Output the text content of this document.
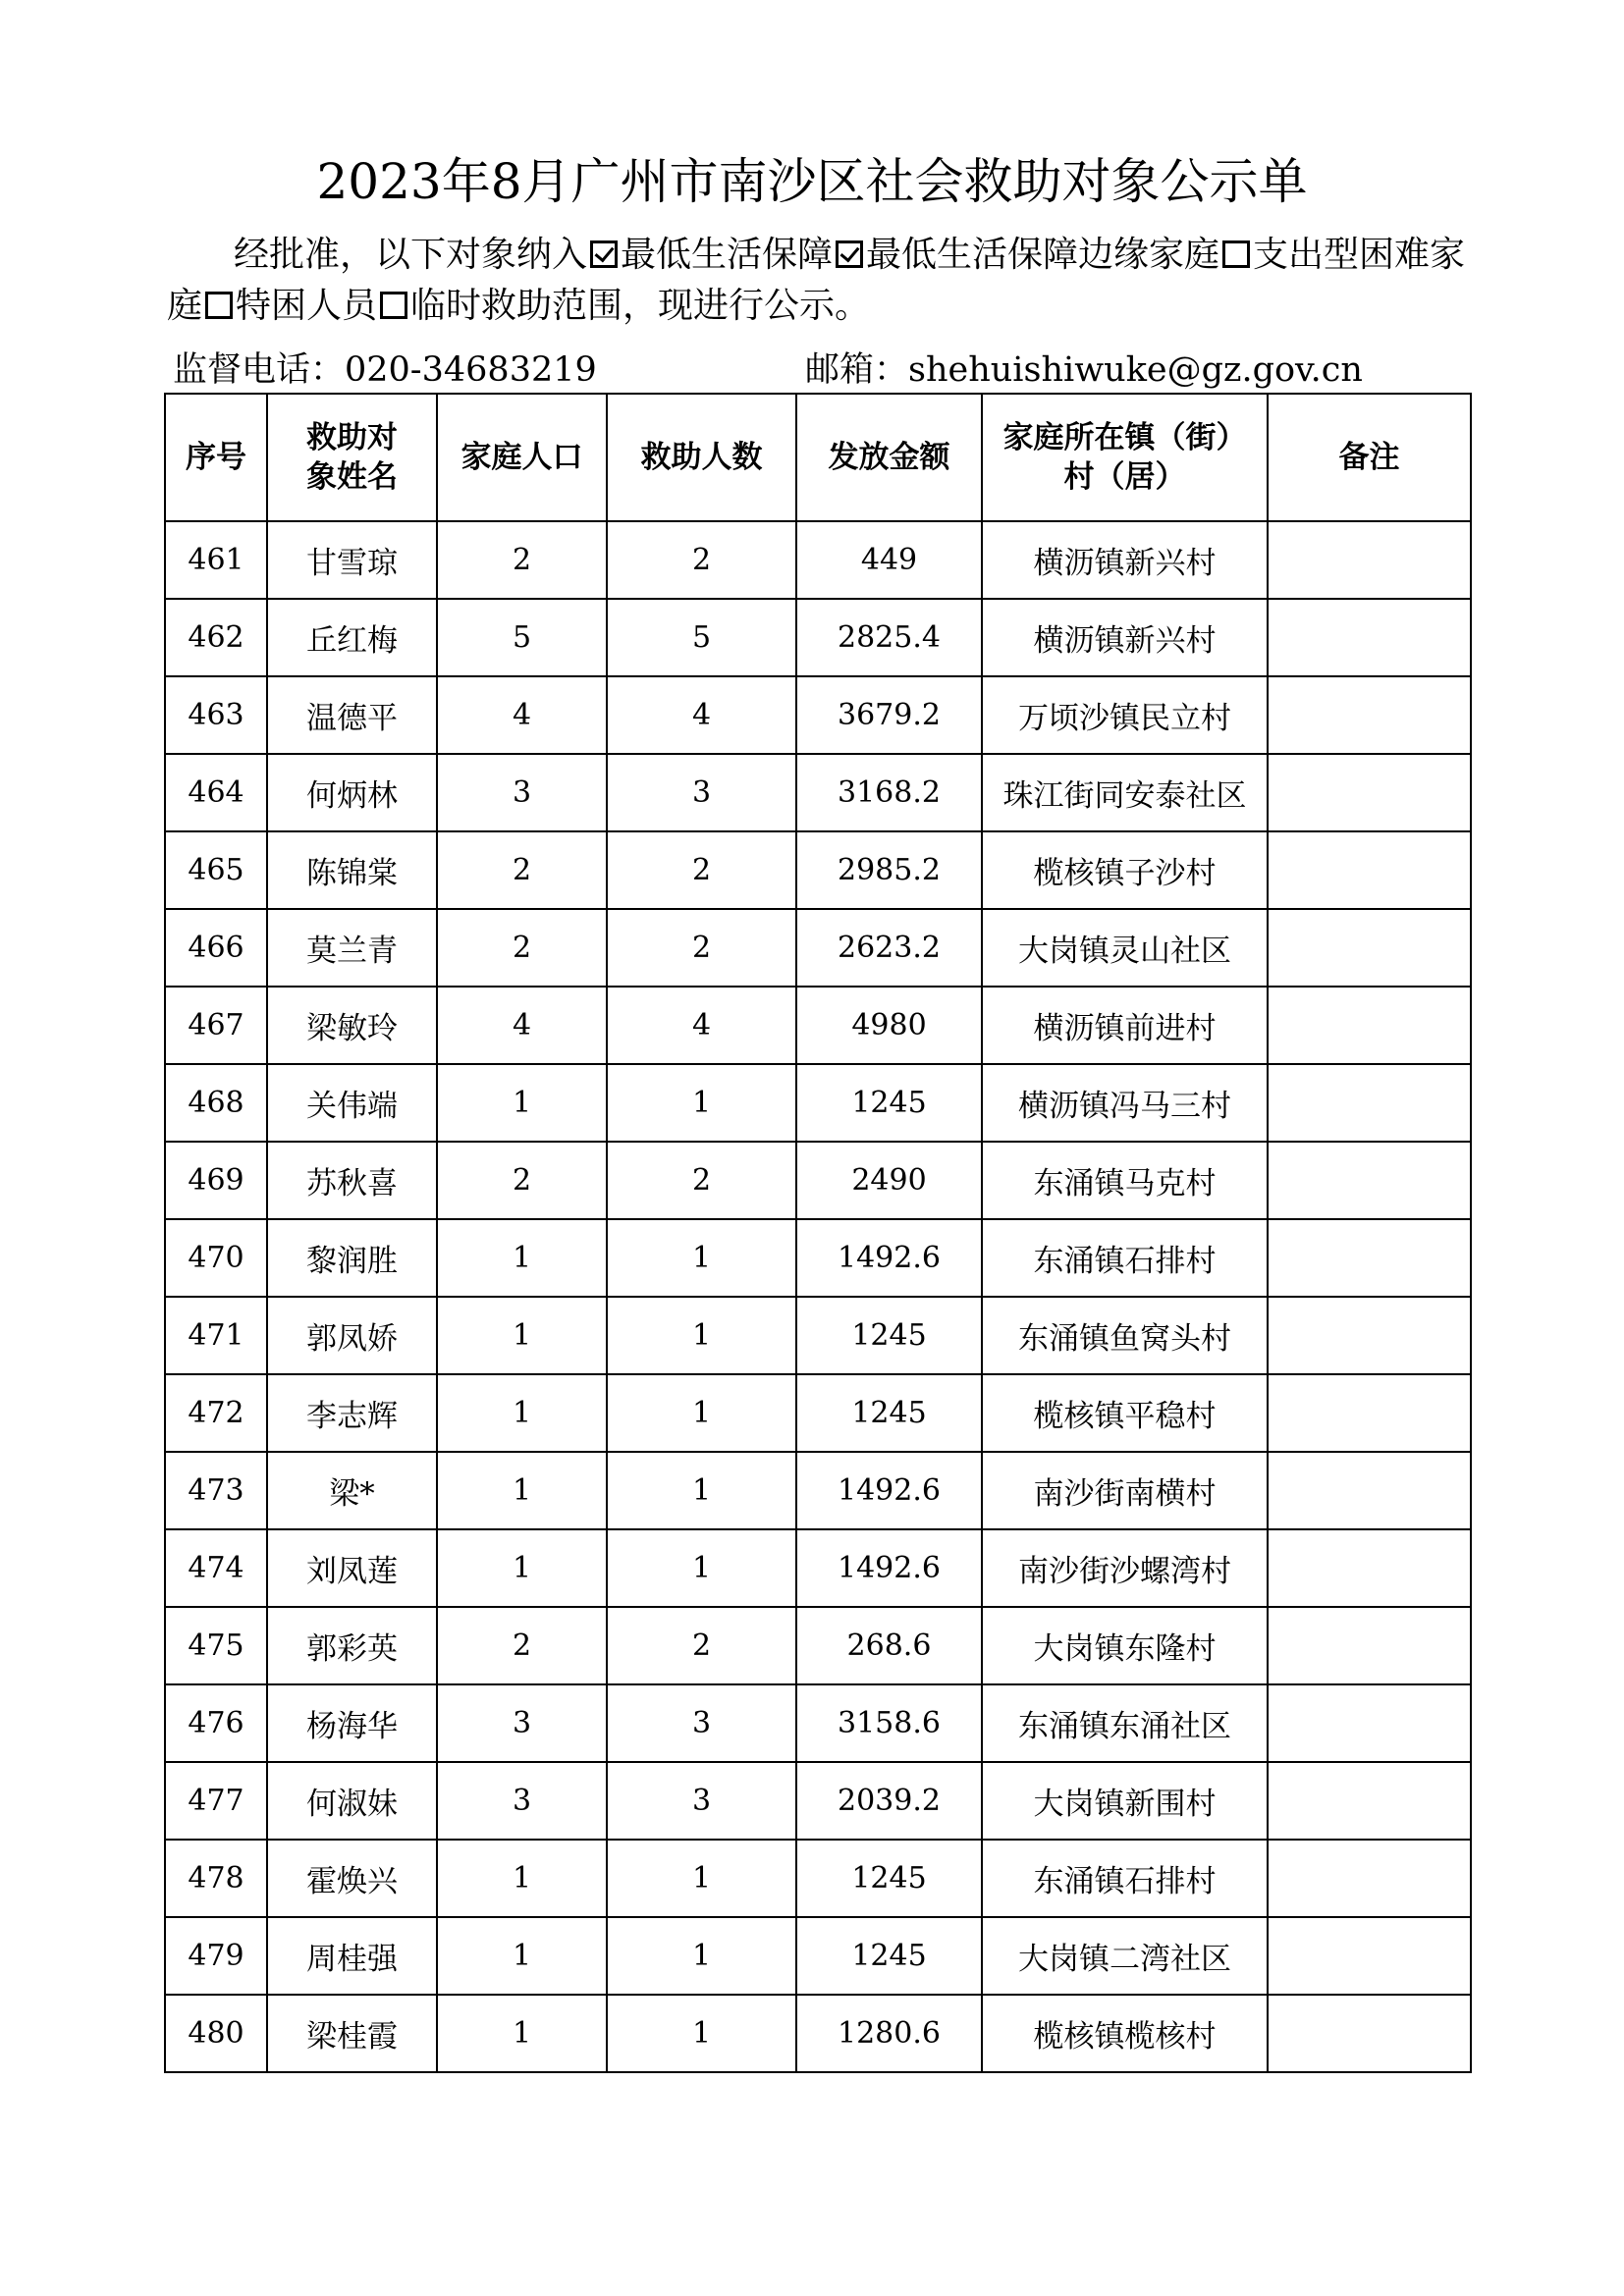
2023年8月广州市南沙区社会救助对象公示单
经批准，以下对象纳入 最低生活保障 最低生活保障边缘家庭 支出型困难家庭 特困人员 临时救助范围，现进行公示。
监督电话：020-34683219	邮箱：shehuishiwuke@gz.gov.cn
序号	救助对象姓名	家庭人口	救助人数	发放金额	家庭所在镇（街）村（居）	备注
461	甘雪琼	2	2	449	横沥镇新兴村	
462	丘红梅	5	5	2825.4	横沥镇新兴村	
463	温德平	4	4	3679.2	万顷沙镇民立村	
464	何炳林	3	3	3168.2	珠江街同安泰社区	
465	陈锦棠	2	2	2985.2	榄核镇子沙村	
466	莫兰青	2	2	2623.2	大岗镇灵山社区	
467	梁敏玲	4	4	4980	横沥镇前进村	
468	关伟端	1	1	1245	横沥镇冯马三村	
469	苏秋喜	2	2	2490	东涌镇马克村	
470	黎润胜	1	1	1492.6	东涌镇石排村	
471	郭凤娇	1	1	1245	东涌镇鱼窝头村	
472	李志辉	1	1	1245	榄核镇平稳村	
473	梁*	1	1	1492.6	南沙街南横村	
474	刘凤莲	1	1	1492.6	南沙街沙螺湾村	
475	郭彩英	2	2	268.6	大岗镇东隆村	
476	杨海华	3	3	3158.6	东涌镇东涌社区	
477	何淑妹	3	3	2039.2	大岗镇新围村	
478	霍焕兴	1	1	1245	东涌镇石排村	
479	周桂强	1	1	1245	大岗镇二湾社区	
480	梁桂霞	1	1	1280.6	榄核镇榄核村	
